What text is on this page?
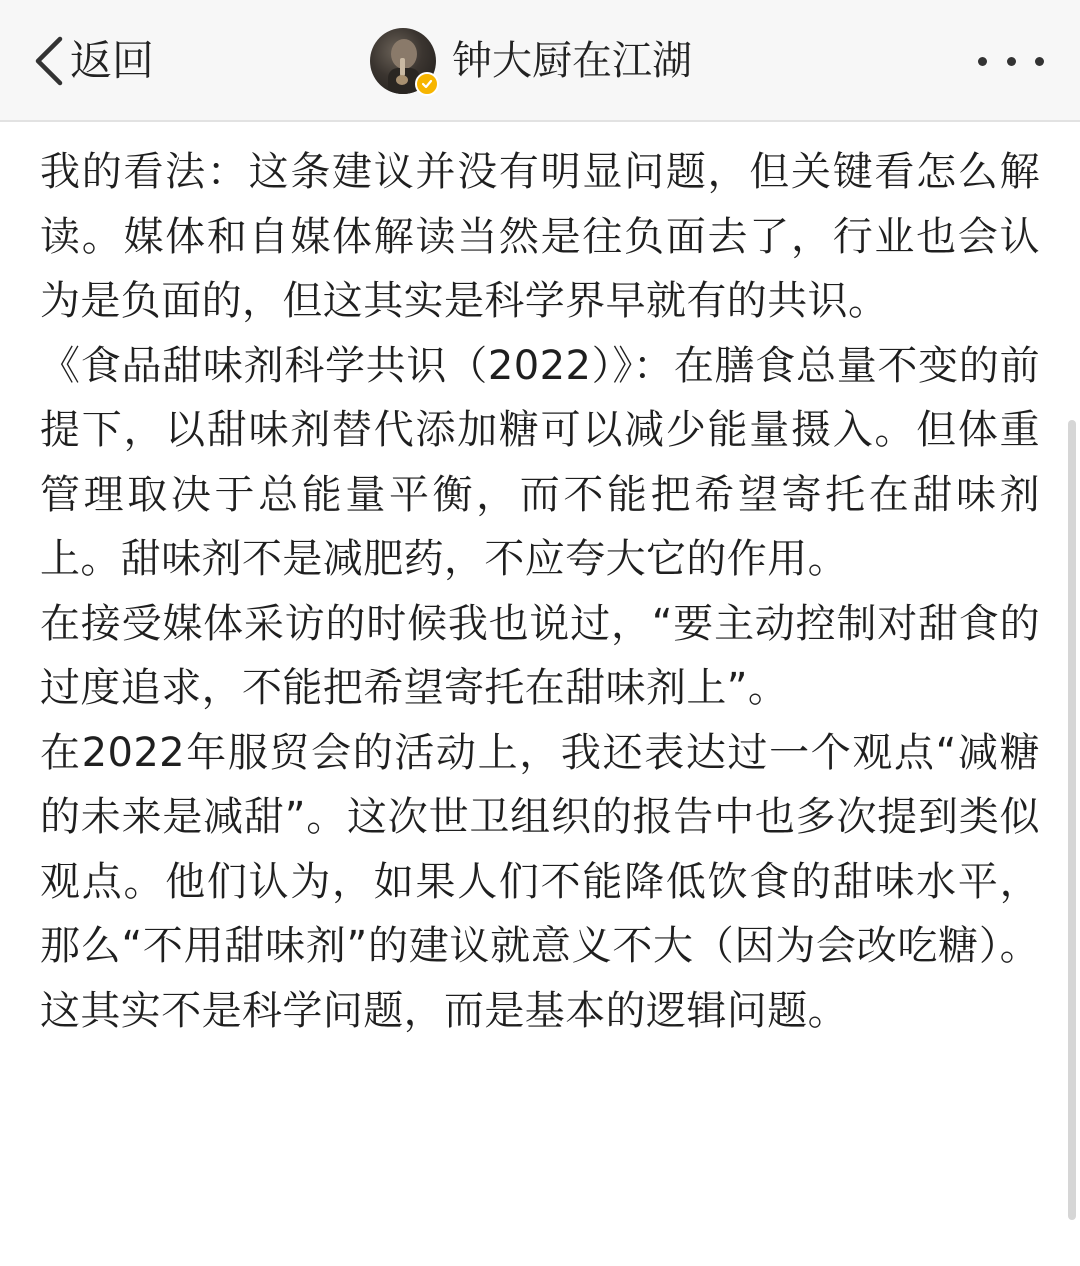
返回	钟大厨在江湖

我的看法：这条建议并没有明显问题，但关键看怎么解读。媒体和自媒体解读当然是往负面去了，行业也会认为是负面的，但这其实是科学界早就有的共识。

《食品甜味剂科学共识（2022）》：在膳食总量不变的前提下，以甜味剂替代添加糖可以减少能量摄入。但体重管理取决于总能量平衡，而不能把希望寄托在甜味剂上。甜味剂不是减肥药，不应夸大它的作用。

在接受媒体采访的时候我也说过，“要主动控制对甜食的过度追求，不能把希望寄托在甜味剂上”。

在2022年服贸会的活动上，我还表达过一个观点“减糖的未来是减甜”。这次世卫组织的报告中也多次提到类似观点。他们认为，如果人们不能降低饮食的甜味水平，那么“不用甜味剂”的建议就意义不大（因为会改吃糖）。这其实不是科学问题，而是基本的逻辑问题。
